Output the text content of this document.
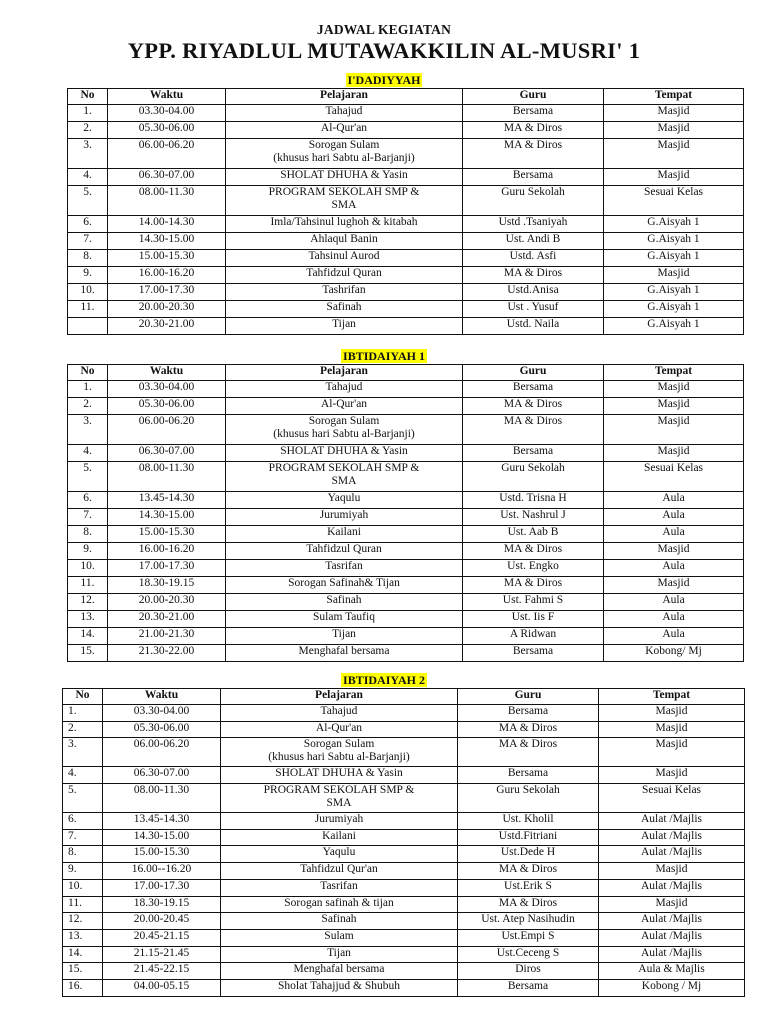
JADWAL KEGIATAN
YPP. RIYADLUL MUTAWAKKILIN AL-MUSRI' 1
I'DADIYYAH
No	Waktu	Pelajaran	Guru	Tempat
1.	03.30-04.00	Tahajud	Bersama	Masjid
2.	05.30-06.00	Al-Qur'an	MA & Diros	Masjid
3.	06.00-06.20	Sorogan Sulam
(khusus hari Sabtu al-Barjanji)	MA & Diros	Masjid
4.	06.30-07.00	SHOLAT DHUHA & Yasin	Bersama	Masjid
5.	08.00-11.30	PROGRAM SEKOLAH SMP &
SMA	Guru Sekolah	Sesuai Kelas
6.	14.00-14.30	Imla/Tahsinul lughoh & kitabah	Ustd .Tsaniyah	G.Aisyah 1
7.	14.30-15.00	Ahlaqul Banin	Ust. Andi B	G.Aisyah 1
8.	15.00-15.30	Tahsinul Aurod	Ustd. Asfi	G.Aisyah 1
9.	16.00-16.20	Tahfidzul Quran	MA & Diros	Masjid
10.	17.00-17.30	Tashrifan	Ustd.Anisa	G.Aisyah 1
11.	20.00-20.30	Safinah	Ust . Yusuf	G.Aisyah 1
	20.30-21.00	Tijan	Ustd. Naila	G.Aisyah 1
IBTIDAIYAH 1
No	Waktu	Pelajaran	Guru	Tempat
1.	03.30-04.00	Tahajud	Bersama	Masjid
2.	05.30-06.00	Al-Qur'an	MA & Diros	Masjid
3.	06.00-06.20	Sorogan Sulam
(khusus hari Sabtu al-Barjanji)	MA & Diros	Masjid
4.	06.30-07.00	SHOLAT DHUHA & Yasin	Bersama	Masjid
5.	08.00-11.30	PROGRAM SEKOLAH SMP &
SMA	Guru Sekolah	Sesuai Kelas
6.	13.45-14.30	Yaqulu	Ustd. Trisna H	Aula
7.	14.30-15.00	Jurumiyah	Ust. Nashrul J	Aula
8.	15.00-15.30	Kailani	Ust. Aab B	Aula
9.	16.00-16.20	Tahfidzul Quran	MA & Diros	Masjid
10.	17.00-17.30	Tasrifan	Ust. Engko	Aula
11.	18.30-19.15	Sorogan Safinah& Tijan	MA & Diros	Masjid
12.	20.00-20.30	Safinah	Ust. Fahmi S	Aula
13.	20.30-21.00	Sulam Taufiq	Ust. Iis F	Aula
14.	21.00-21.30	Tijan	A Ridwan	Aula
15.	21.30-22.00	Menghafal bersama	Bersama	Kobong/ Mj
IBTIDAIYAH 2
No	Waktu	Pelajaran	Guru	Tempat
1.	03.30-04.00	Tahajud	Bersama	Masjid
2.	05.30-06.00	Al-Qur'an	MA & Diros	Masjid
3.	06.00-06.20	Sorogan Sulam
(khusus hari Sabtu al-Barjanji)	MA & Diros	Masjid
4.	06.30-07.00	SHOLAT DHUHA & Yasin	Bersama	Masjid
5.	08.00-11.30	PROGRAM SEKOLAH SMP &
SMA	Guru Sekolah	Sesuai Kelas
6.	13.45-14.30	Jurumiyah	Ust. Kholil	Aulat /Majlis
7.	14.30-15.00	Kailani	Ustd.Fitriani	Aulat /Majlis
8.	15.00-15.30	Yaqulu	Ust.Dede H	Aulat /Majlis
9.	16.00--16.20	Tahfidzul Qur'an	MA & Diros	Masjid
10.	17.00-17.30	Tasrifan	Ust.Erik S	Aulat /Majlis
11.	18.30-19.15	Sorogan safinah & tijan	MA & Diros	Masjid
12.	20.00-20.45	Safinah	Ust. Atep Nasihudin	Aulat /Majlis
13.	20.45-21.15	Sulam	Ust.Empi S	Aulat /Majlis
14.	21.15-21.45	Tijan	Ust.Ceceng S	Aulat /Majlis
15.	21.45-22.15	Menghafal bersama	Diros	Aula & Majlis
16.	04.00-05.15	Sholat Tahajjud & Shubuh	Bersama	Kobong / Mj
